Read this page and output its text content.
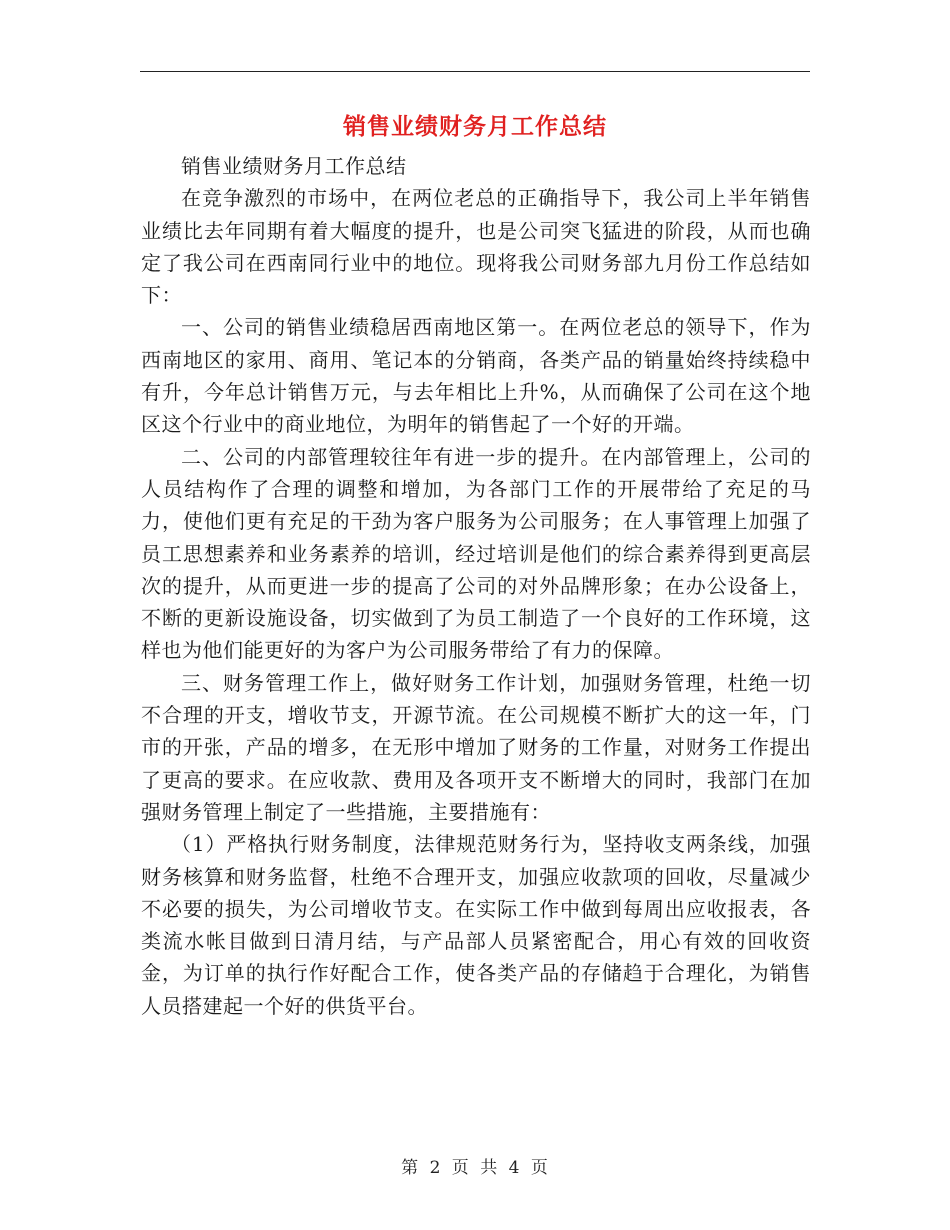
销售业绩财务月工作总结

销售业绩财务月工作总结

在竞争激烈的市场中，在两位老总的正确指导下，我公司上半年销售业绩比去年同期有着大幅度的提升，也是公司突飞猛进的阶段，从而也确定了我公司在西南同行业中的地位。现将我公司财务部九月份工作总结如下：

一、公司的销售业绩稳居西南地区第一。在两位老总的领导下，作为西南地区的家用、商用、笔记本的分销商，各类产品的销量始终持续稳中有升，今年总计销售万元，与去年相比上升%，从而确保了公司在这个地区这个行业中的商业地位，为明年的销售起了一个好的开端。

二、公司的内部管理较往年有进一步的提升。在内部管理上，公司的人员结构作了合理的调整和增加，为各部门工作的开展带给了充足的马力，使他们更有充足的干劲为客户服务为公司服务；在人事管理上加强了员工思想素养和业务素养的培训，经过培训是他们的综合素养得到更高层次的提升，从而更进一步的提高了公司的对外品牌形象；在办公设备上，不断的更新设施设备，切实做到了为员工制造了一个良好的工作环境，这样也为他们能更好的为客户为公司服务带给了有力的保障。

三、财务管理工作上，做好财务工作计划，加强财务管理，杜绝一切不合理的开支，增收节支，开源节流。在公司规模不断扩大的这一年，门市的开张，产品的增多，在无形中增加了财务的工作量，对财务工作提出了更高的要求。在应收款、费用及各项开支不断增大的同时，我部门在加强财务管理上制定了一些措施，主要措施有：

（1）严格执行财务制度，法律规范财务行为，坚持收支两条线，加强财务核算和财务监督，杜绝不合理开支，加强应收款项的回收，尽量减少不必要的损失，为公司增收节支。在实际工作中做到每周出应收报表，各类流水帐目做到日清月结，与产品部人员紧密配合，用心有效的回收资金，为订单的执行作好配合工作，使各类产品的存储趋于合理化，为销售人员搭建起一个好的供货平台。

第 2 页 共 4 页
